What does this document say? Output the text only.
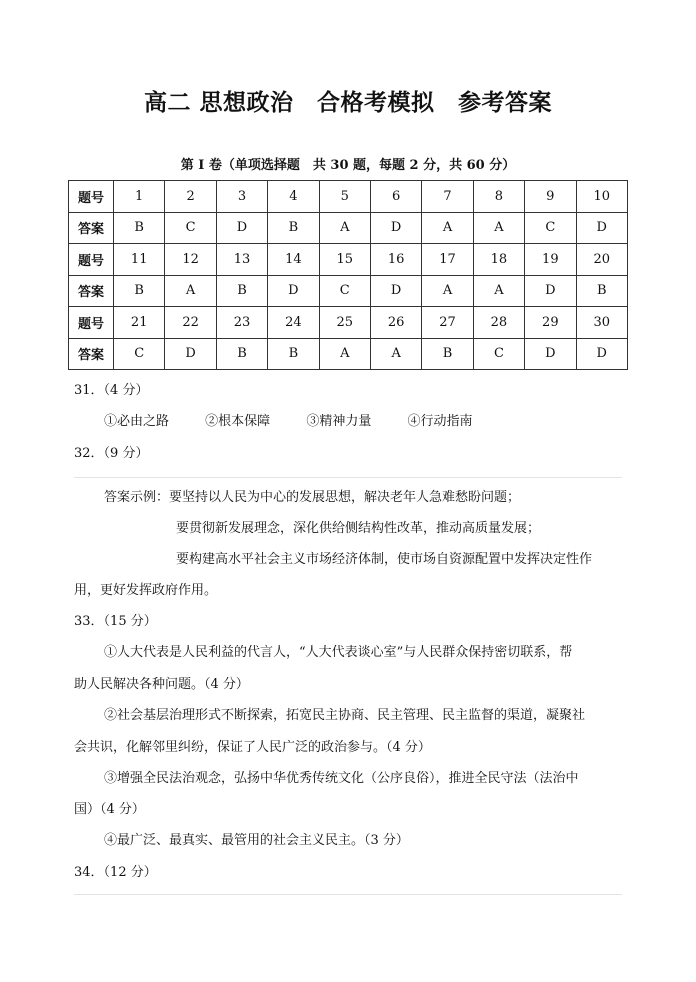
高二 思想政治　合格考模拟　参考答案
第 I 卷（单项选择题　共 30 题，每题 2 分，共 60 分）
题号	1	2	3	4	5	6	7	8	9	10
答案	B	C	D	B	A	D	A	A	C	D
题号	11	12	13	14	15	16	17	18	19	20
答案	B	A	B	D	C	D	A	A	D	B
题号	21	22	23	24	25	26	27	28	29	30
答案	C	D	B	B	A	A	B	C	D	D
31．（4 分）
①必由之路	②根本保障	③精神力量	④行动指南
32．（9 分）
答案示例：要坚持以人民为中心的发展思想，解决老年人急难愁盼问题；
要贯彻新发展理念，深化供给侧结构性改革，推动高质量发展；
要构建高水平社会主义市场经济体制，使市场自资源配置中发挥决定性作
用，更好发挥政府作用。
33．（15 分）
①人大代表是人民利益的代言人，“人大代表谈心室”与人民群众保持密切联系，帮
助人民解决各种问题。（4 分）
②社会基层治理形式不断探索，拓宽民主协商、民主管理、民主监督的渠道，凝聚社
会共识，化解邻里纠纷，保证了人民广泛的政治参与。（4 分）
③增强全民法治观念，弘扬中华优秀传统文化（公序良俗），推进全民守法（法治中
国）（4 分）
④最广泛、最真实、最管用的社会主义民主。（3 分）
34．（12 分）
